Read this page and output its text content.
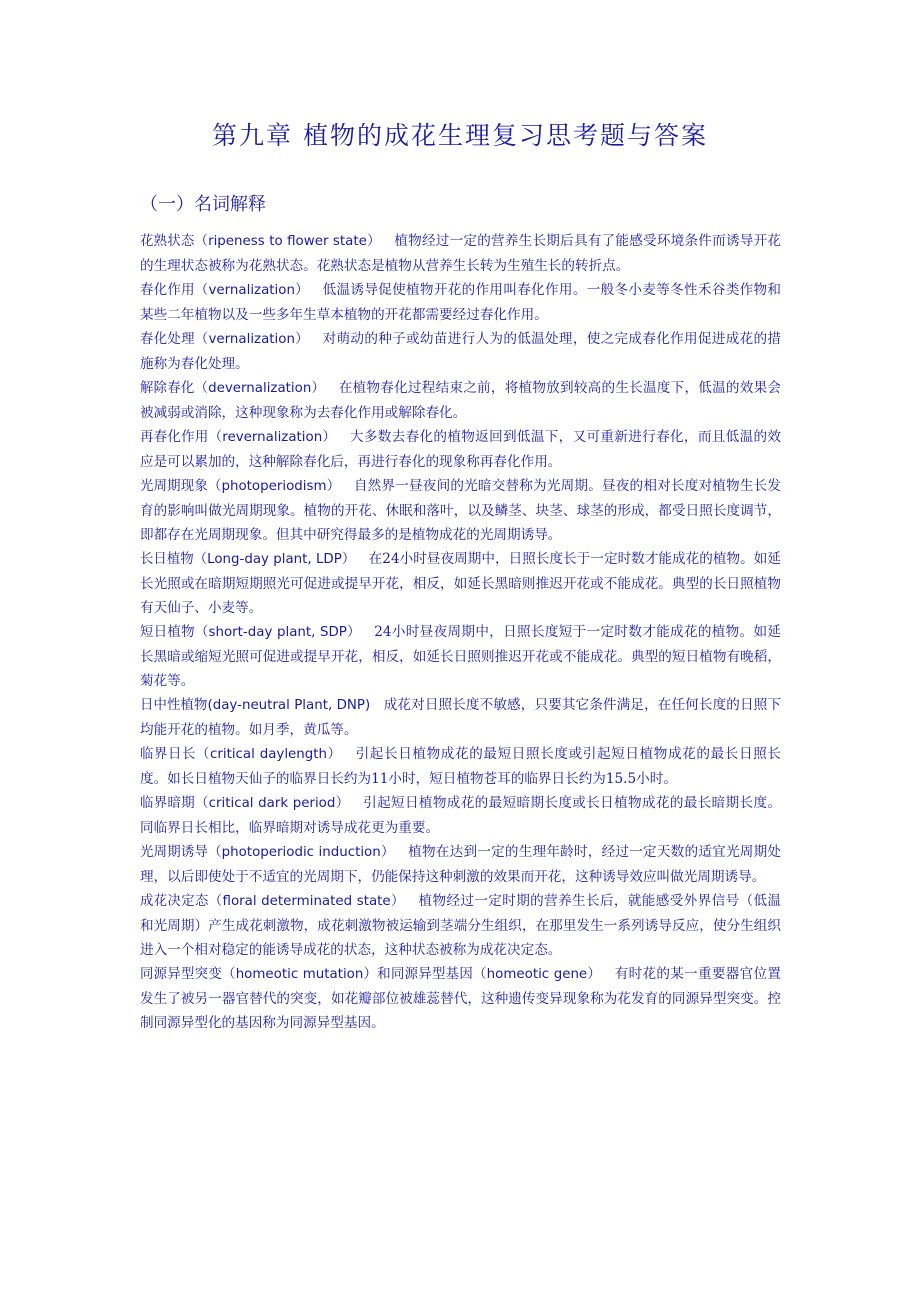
第九章 植物的成花生理复习思考题与答案
（一）名词解释

花熟状态（ripeness to flower state） 植物经过一定的营养生长期后具有了能感受环境条件而诱导开花的生理状态被称为花熟状态。花熟状态是植物从营养生长转为生殖生长的转折点。

春化作用（vernalization） 低温诱导促使植物开花的作用叫春化作用。一般冬小麦等冬性禾谷类作物和某些二年植物以及一些多年生草本植物的开花都需要经过春化作用。

春化处理（vernalization） 对萌动的种子或幼苗进行人为的低温处理，使之完成春化作用促进成花的措施称为春化处理。

解除春化（devernalization） 在植物春化过程结束之前，将植物放到较高的生长温度下，低温的效果会被减弱或消除，这种现象称为去春化作用或解除春化。

再春化作用（revernalization） 大多数去春化的植物返回到低温下，又可重新进行春化，而且低温的效应是可以累加的，这种解除春化后，再进行春化的现象称再春化作用。

光周期现象（photoperiodism） 自然界一昼夜间的光暗交替称为光周期。昼夜的相对长度对植物生长发育的影响叫做光周期现象。植物的开花、休眠和落叶，以及鳞茎、块茎、球茎的形成，都受日照长度调节，即都存在光周期现象。但其中研究得最多的是植物成花的光周期诱导。

长日植物（Long-day plant, LDP） 在24小时昼夜周期中，日照长度长于一定时数才能成花的植物。如延长光照或在暗期短期照光可促进或提早开花，相反，如延长黑暗则推迟开花或不能成花。典型的长日照植物有天仙子、小麦等。

短日植物（short-day plant, SDP） 24小时昼夜周期中，日照长度短于一定时数才能成花的植物。如延长黑暗或缩短光照可促进或提早开花，相反，如延长日照则推迟开花或不能成花。典型的短日植物有晚稻，菊花等。

日中性植物(day-neutral Plant, DNP) 成花对日照长度不敏感，只要其它条件满足，在任何长度的日照下均能开花的植物。如月季，黄瓜等。

临界日长（critical daylength） 引起长日植物成花的最短日照长度或引起短日植物成花的最长日照长度。如长日植物天仙子的临界日长约为11小时，短日植物苍耳的临界日长约为15.5小时。

临界暗期（critical dark period） 引起短日植物成花的最短暗期长度或长日植物成花的最长暗期长度。同临界日长相比，临界暗期对诱导成花更为重要。

光周期诱导（photoperiodic induction） 植物在达到一定的生理年龄时，经过一定天数的适宜光周期处理，以后即使处于不适宜的光周期下，仍能保持这种刺激的效果而开花，这种诱导效应叫做光周期诱导。

成花决定态（floral determinated state） 植物经过一定时期的营养生长后，就能感受外界信号（低温和光周期）产生成花刺激物，成花刺激物被运输到茎端分生组织，在那里发生一系列诱导反应，使分生组织进入一个相对稳定的能诱导成花的状态，这种状态被称为成花决定态。

同源异型突变（homeotic mutation）和同源异型基因（homeotic gene） 有时花的某一重要器官位置发生了被另一器官替代的突变，如花瓣部位被雄蕊替代，这种遗传变异现象称为花发育的同源异型突变。控制同源异型化的基因称为同源异型基因。
